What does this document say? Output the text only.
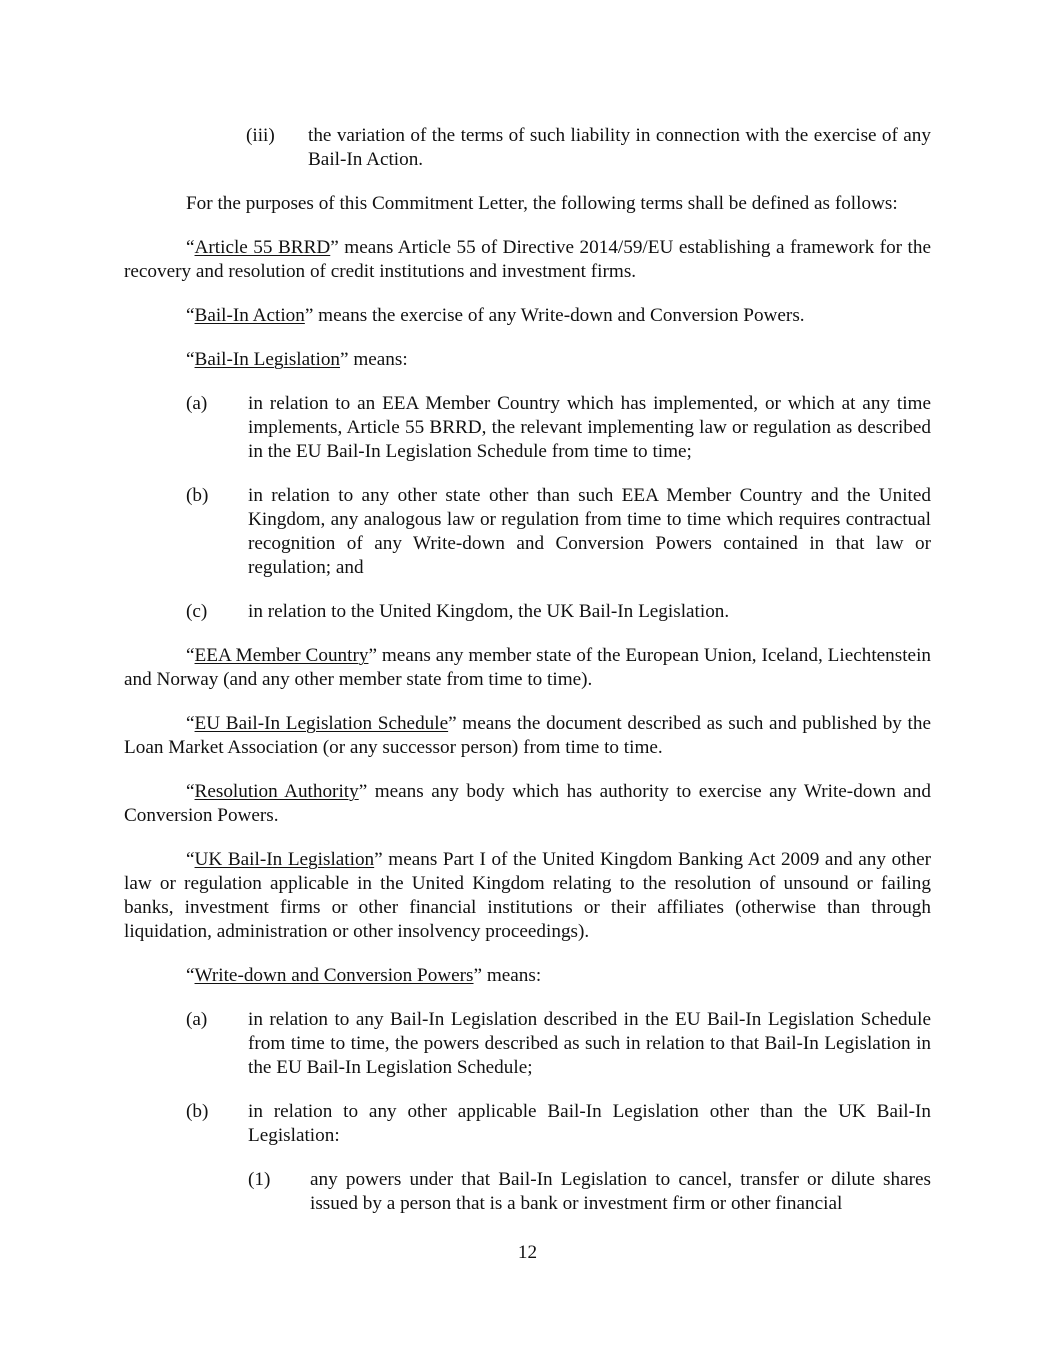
(iii) the variation of the terms of such liability in connection with the exercise of any Bail-In Action.

For the purposes of this Commitment Letter, the following terms shall be defined as follows:

“Article 55 BRRD” means Article 55 of Directive 2014/59/EU establishing a framework for the recovery and resolution of credit institutions and investment firms.

“Bail-In Action” means the exercise of any Write-down and Conversion Powers.

“Bail-In Legislation” means:

(a) in relation to an EEA Member Country which has implemented, or which at any time implements, Article 55 BRRD, the relevant implementing law or regulation as described in the EU Bail-In Legislation Schedule from time to time;
(b) in relation to any other state other than such EEA Member Country and the United Kingdom, any analogous law or regulation from time to time which requires contractual recognition of any Write-down and Conversion Powers contained in that law or regulation; and
(c) in relation to the United Kingdom, the UK Bail-In Legislation.

“EEA Member Country” means any member state of the European Union, Iceland, Liechtenstein and Norway (and any other member state from time to time).

“EU Bail-In Legislation Schedule” means the document described as such and published by the Loan Market Association (or any successor person) from time to time.

“Resolution Authority” means any body which has authority to exercise any Write-down and Conversion Powers.

“UK Bail-In Legislation” means Part I of the United Kingdom Banking Act 2009 and any other law or regulation applicable in the United Kingdom relating to the resolution of unsound or failing banks, investment firms or other financial institutions or their affiliates (otherwise than through liquidation, administration or other insolvency proceedings).

“Write-down and Conversion Powers” means:

(a) in relation to any Bail-In Legislation described in the EU Bail-In Legislation Schedule from time to time, the powers described as such in relation to that Bail-In Legislation in the EU Bail-In Legislation Schedule;
(b) in relation to any other applicable Bail-In Legislation other than the UK Bail-In Legislation:
(1) any powers under that Bail-In Legislation to cancel, transfer or dilute shares issued by a person that is a bank or investment firm or other financial
12
